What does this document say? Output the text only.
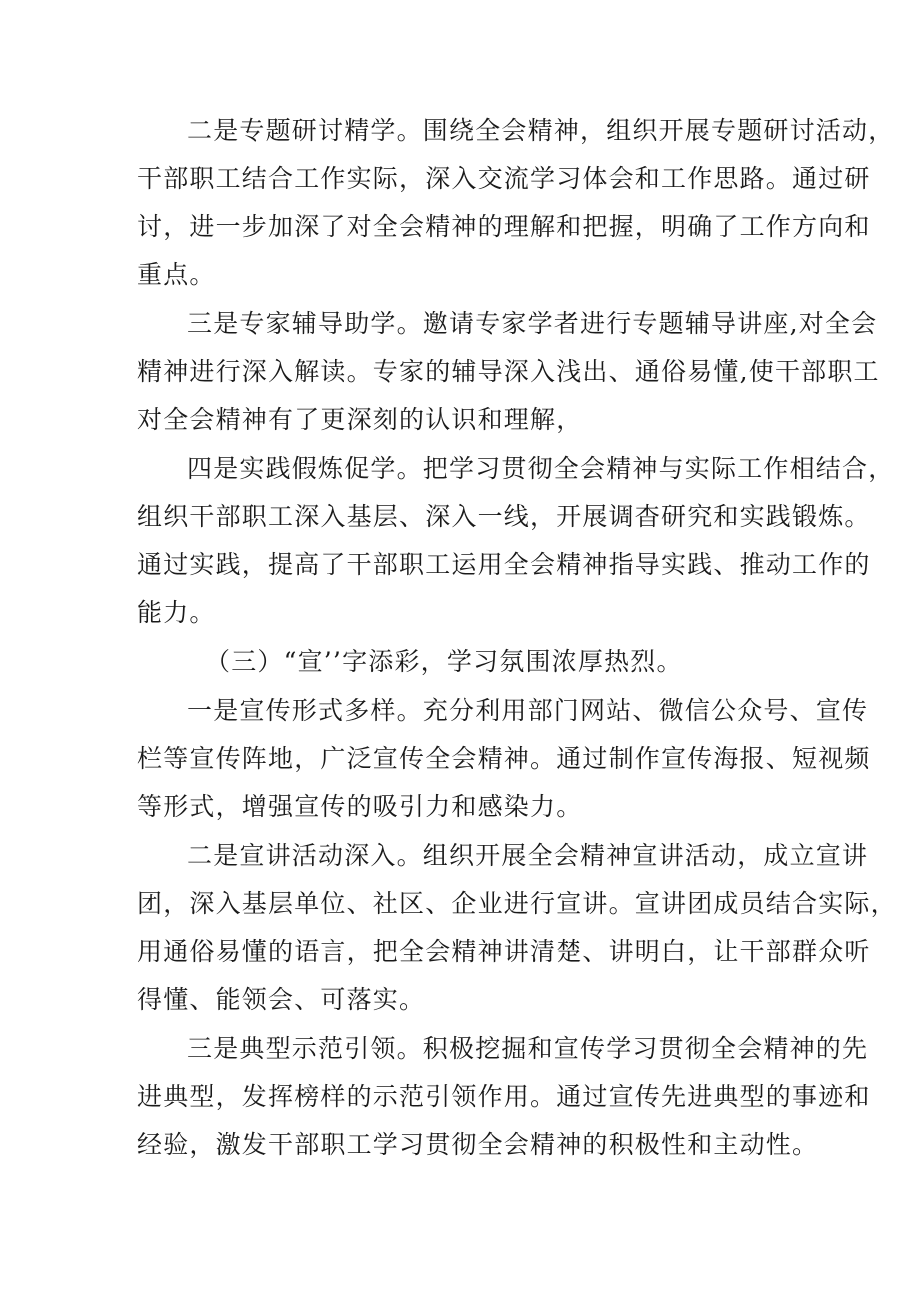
二是专题研讨精学。围绕全会精神，组织开展专题研讨活动，
干部职工结合工作实际，深入交流学习体会和工作思路。通过研
讨，进一步加深了对全会精神的理解和把握，明确了工作方向和
重点。
三是专家辅导助学。邀请专家学者进行专题辅导讲座,对全会
精神进行深入解读。专家的辅导深入浅出、通俗易懂,使干部职工
对全会精神有了更深刻的认识和理解，
四是实践假炼促学。把学习贯彻全会精神与实际工作相结合，
组织干部职工深入基层、深入一线，开展调杳研究和实践锻炼。
通过实践，提高了干部职工运用全会精神指导实践、推动工作的
能力。
（三）“宣’’字添彩，学习氛围浓厚热烈。
一是宣传形式多样。充分利用部门网站、微信公众号、宣传
栏等宣传阵地，广泛宣传全会精神。通过制作宣传海报、短视频
等形式，增强宣传的吸引力和感染力。
二是宣讲活动深入。组织开展全会精神宣讲活动，成立宣讲
团，深入基层单位、社区、企业进行宣讲。宣讲团成员结合实际，
用通俗易懂的语言，把全会精神讲清楚、讲明白，让干部群众听
得懂、能领会、可落实。
三是典型示范引领。积极挖掘和宣传学习贯彻全会精神的先
进典型，发挥榜样的示范引领作用。通过宣传先进典型的事迹和
经验，激发干部职工学习贯彻全会精神的积极性和主动性。
